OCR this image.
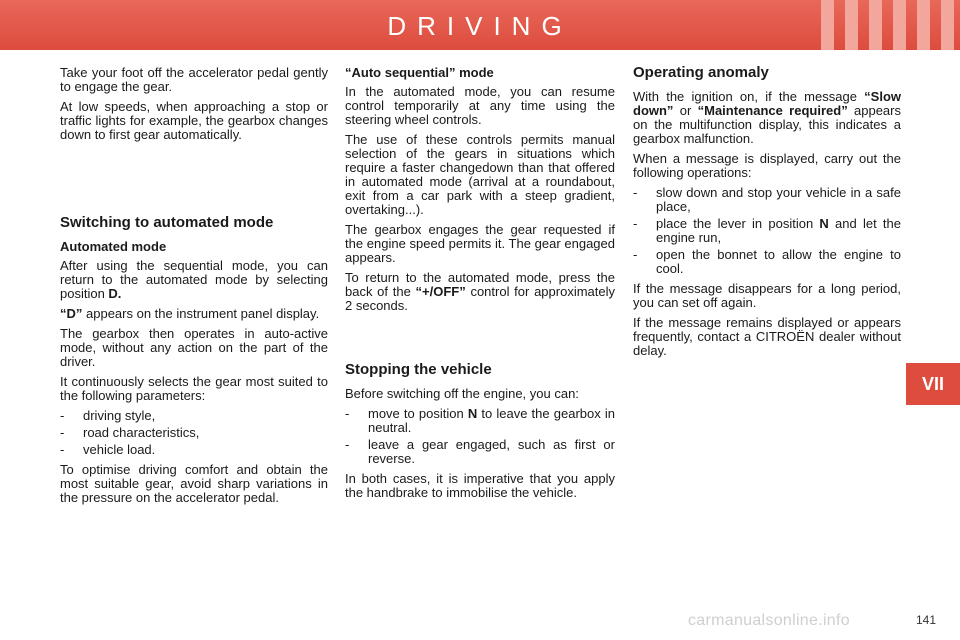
DRIVING
VII

Take your foot off the accelerator pedal gently to engage the gear.

At low speeds, when approaching a stop or traffic lights for example, the gearbox changes down to first gear automatically.

Switching to automated mode
Automated mode

After using the sequential mode, you can return to the automated mode by selecting position D.

“D” appears on the instrument panel display.

The gearbox then operates in auto-active mode, without any action on the part of the driver.

It continuously selects the gear most suited to the following parameters:

- driving style,
- road characteristics,
- vehicle load.

To optimise driving comfort and obtain the most suitable gear, avoid sharp variations in the pressure on the accelerator pedal.

“Auto sequential” mode

In the automated mode, you can resume control temporarily at any time using the steering wheel controls.

The use of these controls permits manual selection of the gears in situations which require a faster changedown than that offered in automated mode (arrival at a roundabout, exit from a car park with a steep gradient, overtaking...).

The gearbox engages the gear requested if the engine speed permits it. The gear engaged appears.

To return to the automated mode, press the back of the “+/OFF” control for approximately 2 seconds.

Stopping the vehicle

Before switching off the engine, you can:

- move to position N to leave the gearbox in neutral.
- leave a gear engaged, such as first or reverse.

In both cases, it is imperative that you apply the handbrake to immobilise the vehicle.

Operating anomaly

With the ignition on, if the message “Slow down” or “Maintenance required” appears on the multifunction display, this indicates a gearbox malfunction.

When a message is displayed, carry out the following operations:

- slow down and stop your vehicle in a safe place,
- place the lever in position N and let the engine run,
- open the bonnet to allow the engine to cool.

If the message disappears for a long period, you can set off again.

If the message remains displayed or appears frequently, contact a CITROËN dealer without delay.

carmanualsonline.info	141
